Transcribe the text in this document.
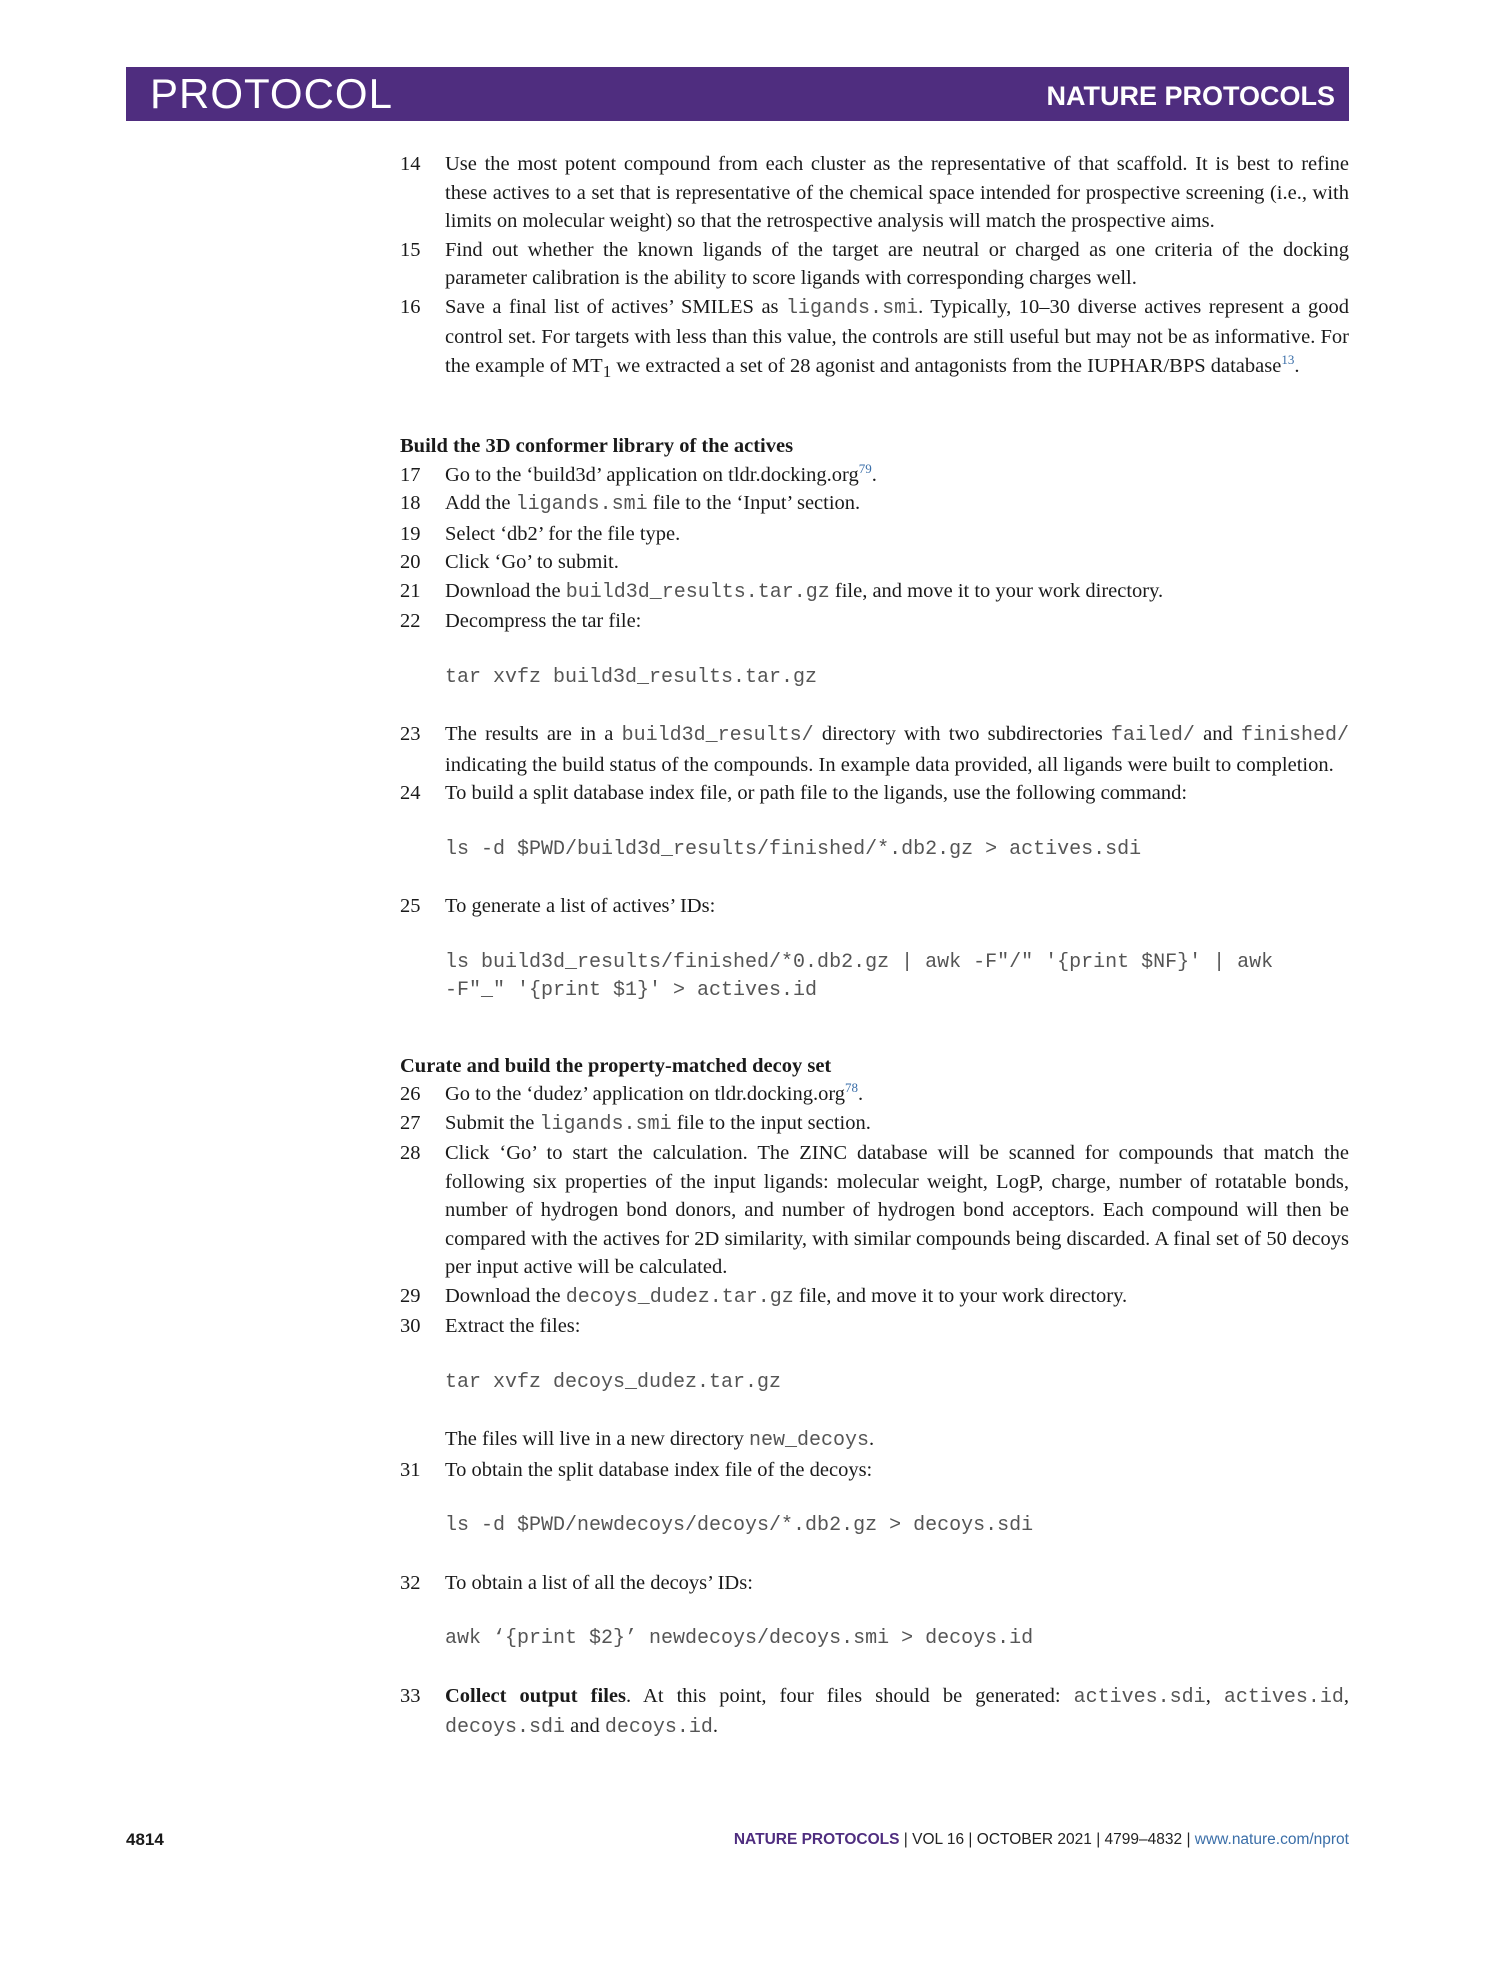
PROTOCOL	NATURE PROTOCOLS
14 Use the most potent compound from each cluster as the representative of that scaffold. It is best to refine these actives to a set that is representative of the chemical space intended for prospective screening (i.e., with limits on molecular weight) so that the retrospective analysis will match the prospective aims.
15 Find out whether the known ligands of the target are neutral or charged as one criteria of the docking parameter calibration is the ability to score ligands with corresponding charges well.
16 Save a final list of actives’ SMILES as ligands.smi. Typically, 10–30 diverse actives represent a good control set. For targets with less than this value, the controls are still useful but may not be as informative. For the example of $MT_1$ we extracted a set of 28 agonist and antagonists from the IUPHAR/BPS database$^{13}$.
Build the 3D conformer library of the actives
17 Go to the ‘build3d’ application on tldr.docking.org$^{79}$.
18 Add the ligands.smi file to the ‘Input’ section.
19 Select ‘db2’ for the file type.
20 Click ‘Go’ to submit.
21 Download the build3d_results.tar.gz file, and move it to your work directory.
22 Decompress the tar file:
tar xvfz build3d_results.tar.gz
23 The results are in a build3d_results/ directory with two subdirectories failed/ and finished/ indicating the build status of the compounds. In example data provided, all ligands were built to completion.
24 To build a split database index file, or path file to the ligands, use the following command:
ls -d $PWD/build3d_results/finished/*.db2.gz > actives.sdi
25 To generate a list of actives’ IDs:
ls build3d_results/finished/*0.db2.gz | awk -F"/" '{print $NF}' | awk
-F"_" '{print $1}' > actives.id
Curate and build the property-matched decoy set
26 Go to the ‘dudez’ application on tldr.docking.org$^{78}$.
27 Submit the ligands.smi file to the input section.
28 Click ‘Go’ to start the calculation. The ZINC database will be scanned for compounds that match the following six properties of the input ligands: molecular weight, LogP, charge, number of rotatable bonds, number of hydrogen bond donors, and number of hydrogen bond acceptors. Each compound will then be compared with the actives for 2D similarity, with similar compounds being discarded. A final set of 50 decoys per input active will be calculated.
29 Download the decoys_dudez.tar.gz file, and move it to your work directory.
30 Extract the files:
tar xvfz decoys_dudez.tar.gz
The files will live in a new directory new_decoys.
31 To obtain the split database index file of the decoys:
ls -d $PWD/newdecoys/decoys/*.db2.gz > decoys.sdi
32 To obtain a list of all the decoys’ IDs:
awk ‘{print $2}’ newdecoys/decoys.smi > decoys.id
33 Collect output files. At this point, four files should be generated: actives.sdi, actives.id, decoys.sdi and decoys.id.
4814	NATURE PROTOCOLS | VOL 16 | OCTOBER 2021 | 4799–4832 | www.nature.com/nprot
